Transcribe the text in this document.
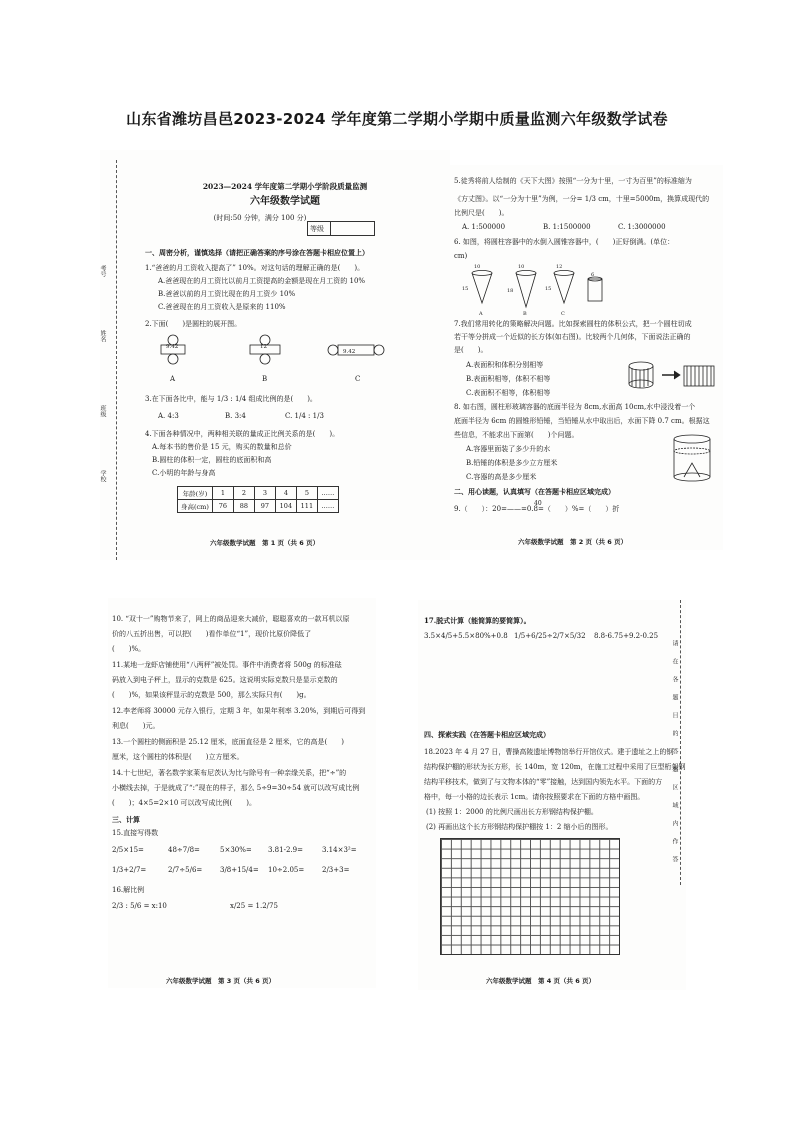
山东省潍坊昌邑2023-2024 学年度第二学期小学期中质量监测六年级数学试卷
考号
姓名
班级
学校
2023—2024 学年度第二学期小学阶段质量监测
六年级数学试题
(时间:50 分钟，满分 100 分)
等级
一、周密分析，谨慎选择（请把正确答案的序号涂在答题卡相应位置上）
1.“爸爸的月工资收入提高了” 10%。对这句话的理解正确的是(　　)。
A.爸爸现在的月工资比以前月工资提高的金额是现在月工资的 10%
B.爸爸以前的月工资比现在的月工资少 10%
C.爸爸现在的月工资收入是原来的 110%
2.下面(　　)是圆柱的展开图。
9.42	12
9.42
A	B	C
3.在下面各比中，能与 1/3 : 1/4 组成比例的是(　　)。
A. 4:3	B. 3:4	C. 1/4 : 1/3
4.下面各种情况中，两种相关联的量成正比例关系的是(　　)。
A.每本书的售价是 15 元，购买的数量和总价
B.圆柱的体积一定，圆柱的底面积和高
C.小明的年龄与身高
年龄(岁)	1	2	3	4	5	……
身高(cm)	76	88	97	104	111	……
六年级数学试题　第 1 页（共 6 页）
5.徒秀将前人绘制的《天下大图》按照“一分为十里，一寸为百里”的标准缩为
《方丈图》。以“一分为十里”为例，一分= 1/3 cm，十里=5000m，换算成现代的
比例尺是(　　)。
A. 1:500000	B. 1:1500000	C. 1:3000000
6. 如图，将圆柱容器中的水倒入圆锥容器中，(　　)正好倒满。(单位：
cm)
10	10	12
6
15	18	15
A	B	C
7.我们常用转化的策略解决问题。比如探索圆柱的体积公式，把一个圆柱切成
若干等分拼成一个近似的长方体(如右图)。比较两个几何体，下面说法正确的
是(　　)。
A.表面积和体积分别相等
B.表面积相等，体积不相等
C.表面积不相等，体积相等
8. 如右图，圆柱形玻璃容器的底面半径为 8cm,水面高 10cm,水中浸没着一个
底面半径为 6cm 的圆锥形铅锤，当铅锤从水中取出后，水面下降 0.7 cm。根据这
些信息，不能求出下面第(　　)个问题。
A.容器里面装了多少升的水
B.铅锤的体积是多少立方厘米
C.容器的高是多少厘米
二、用心读题，认真填写（在答题卡相应区域完成）
9.（　　）：20=——=0.8=（　　）%=（　　）折
40
六年级数学试题　第 2 页（共 6 页）
10. “双十一”购物节来了，网上的商品迎来大减价，聪聪喜欢的一款耳机以原
价的八五折出售，可以把(　　)看作单位“1”，现价比原价降低了
(　　)%。
11.某地一龙虾店铺使用“八两秤”被处罚。事件中消费者将 500g 的标准砝
码放入到电子秤上，显示的克数是 625。这说明实际克数只是显示克数的
(　　)%，如果该秤显示的克数是 500，那么实际只有(　　)g。
12.李老师将 30000 元存入银行，定期 3 年，如果年利率 3.20%，到期后可得到
利息(　　)元。
13.一个圆柱的侧面积是 25.12 厘米，底面直径是 2 厘米，它的高是(　　)
厘米，这个圆柱的体积是(　　)立方厘米。
14.十七世纪，著名数学家莱布尼茨认为比与除号有一种亲缘关系，把“÷”的
小横线去掉，于是就成了“:”现在的样子，那么 5÷9=30÷54 就可以改写成比例
(　　)；4×5=2×10 可以改写成比例(　　)。
三、计算
15.直接写得数
2/5×15=	48÷7/8=	5×30%= 3.81-2.9=	3.14×3²=
1/3+2/7=	2/7÷5/6=	3/8+15/4= 10÷2.05=	2/3+3=
16.解比例
2/3 : 5/6 = x:10	x/25 = 1.2/75
六年级数学试题　第 3 页（共 6 页）
17.脱式计算（能简算的要简算）。
3.5×4/5+5.5×80%+0.8 1/5+6/25÷2/7×5/32 8.8-6.75+9.2-0.25
请在各题目的答题区域内作答
四、探索实践（在答题卡相应区域完成）
18.2023 年 4 月 27 日，曹操高陵遗址博物馆举行开馆仪式。建于遗址之上的钢
结构保护棚的形状为长方形，长 140m，宽 120m，在施工过程中采用了巨型桁架钢
结构平移技术，做到了与文物本体的“零”接触，达到国内领先水平。下面的方
格中，每一小格的边长表示 1cm。请你按照要求在下面的方格中画图。
(1) 按照 1：2000 的比例尺画出长方形钢结构保护棚。
(2) 再画出这个长方形钢结构保护棚按 1：2 缩小后的图形。
六年级数学试题　第 4 页（共 6 页）
